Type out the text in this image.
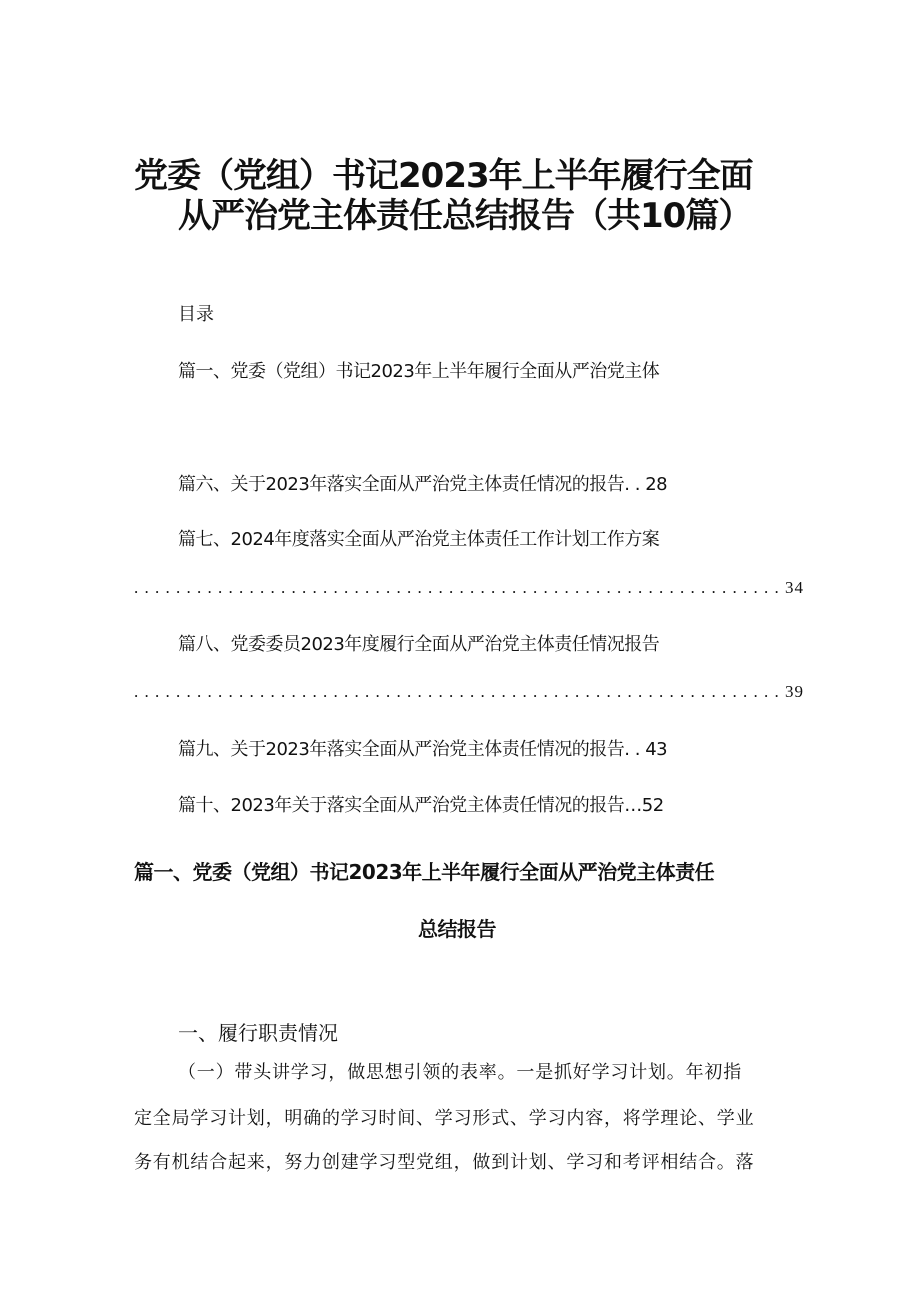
党委（党组）书记2023年上半年履行全面
从严治党主体责任总结报告（共10篇）
目录
篇一、党委（党组）书记2023年上半年履行全面从严治党主体
篇六、关于2023年落实全面从严治党主体责任情况的报告. . 28
篇七、2024年度落实全面从严治党主体责任工作计划工作方案
. . . . . . . . . . . . . . . . . . . . . . . . . . . . . . . . . . . . . . . . . . . . . . . . . . . . . . . . . . . . . . 34
篇八、党委委员2023年度履行全面从严治党主体责任情况报告
. . . . . . . . . . . . . . . . . . . . . . . . . . . . . . . . . . . . . . . . . . . . . . . . . . . . . . . . . . . . . . 39
篇九、关于2023年落实全面从严治党主体责任情况的报告. . 43
篇十、2023年关于落实全面从严治党主体责任情况的报告…52
篇一、党委（党组）书记2023年上半年履行全面从严治党主体责任
总结报告
一、履行职责情况
（一）带头讲学习，做思想引领的表率。一是抓好学习计划。年初指
定全局学习计划，明确的学习时间、学习形式、学习内容，将学理论、学业
务有机结合起来，努力创建学习型党组，做到计划、学习和考评相结合。落
